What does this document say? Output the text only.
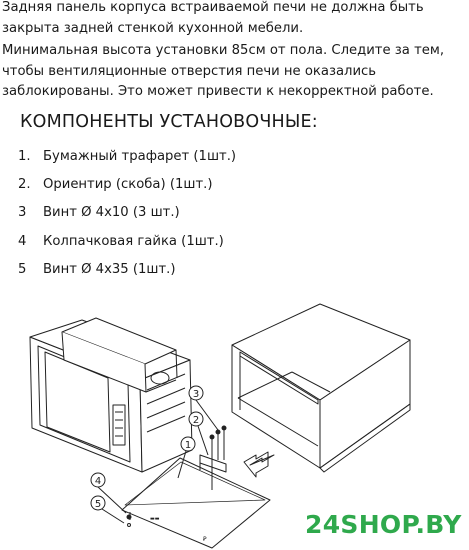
Задняя панель корпуса встраиваемой печи не должна быть закрыта задней стенкой кухонной мебели.
Минимальная высота установки 85см от пола. Следите за тем, чтобы вентиляционные отверстия печи не оказались заблокированы. Это может привести к некорректной работе.
КОМПОНЕНТЫ УСТАНОВОЧНЫЕ:
1. Бумажный трафарет (1шт.)
2. Ориентир (скоба) (1шт.)
3 Винт Ø 4x10 (3 шт.)
4 Колпачковая гайка (1шт.)
5 Винт Ø 4x35 (1шт.)
Ꝑ
▬▬
3
2
1
4
5
24SHOP.BY
